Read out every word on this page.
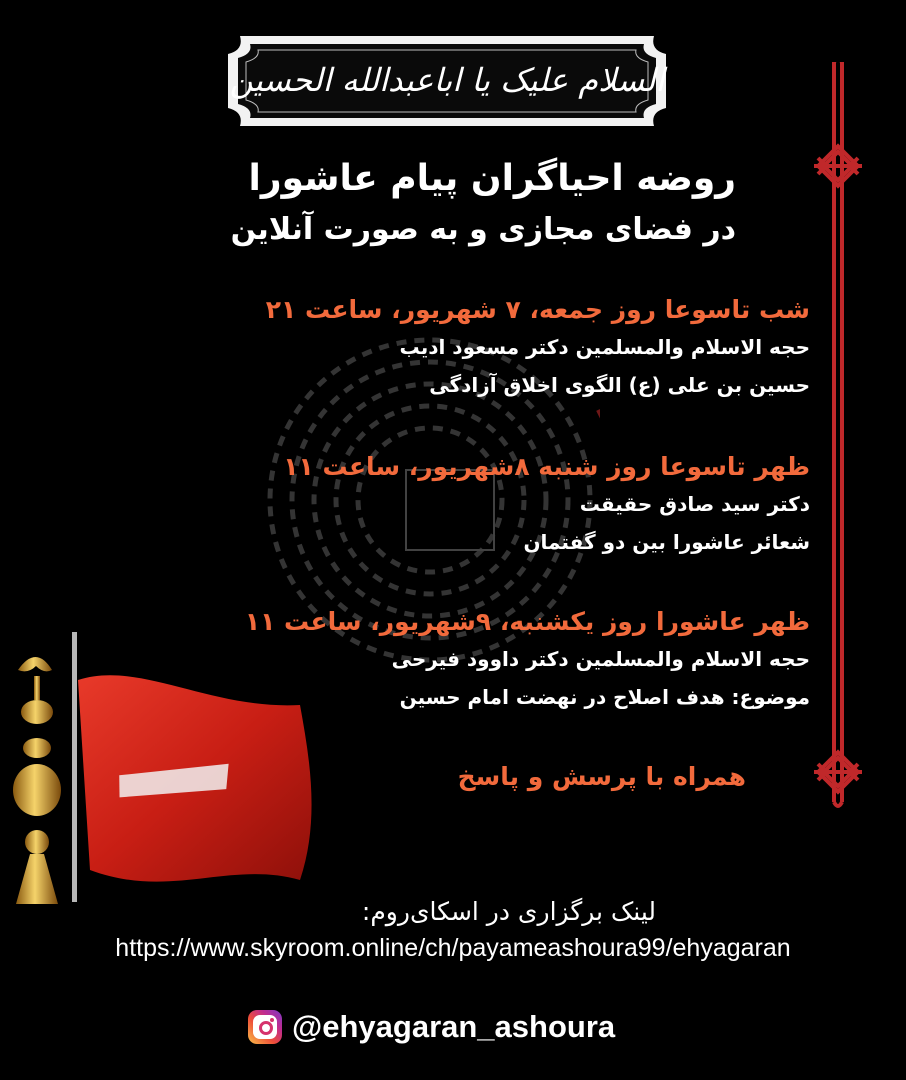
السلام علیک یا اباعبدالله الحسین
روضه احیاگران پیام عاشورا
در فضای مجازی و به صورت آنلاین
شب تاسوعا روز جمعه، ۷ شهریور، ساعت ۲۱
حجه الاسلام والمسلمین دکتر مسعود ادیب
حسین بن علی (ع) الگوی اخلاق آزادگی
ظهر تاسوعا روز شنبه ۸شهریور، ساعت ۱۱
دکتر سید صادق حقیقت
شعائر عاشورا بین دو گفتمان
ظهر عاشورا روز یکشنبه، ۹شهریور، ساعت ۱۱
حجه الاسلام والمسلمین دکتر داوود فیرحی
موضوع: هدف اصلاح در نهضت امام حسین
همراه با پرسش و پاسخ
لینک برگزاری در اسکای‌روم:
https://www.skyroom.online/ch/payameashoura99/ehyagaran
@ehyagaran_ashoura
